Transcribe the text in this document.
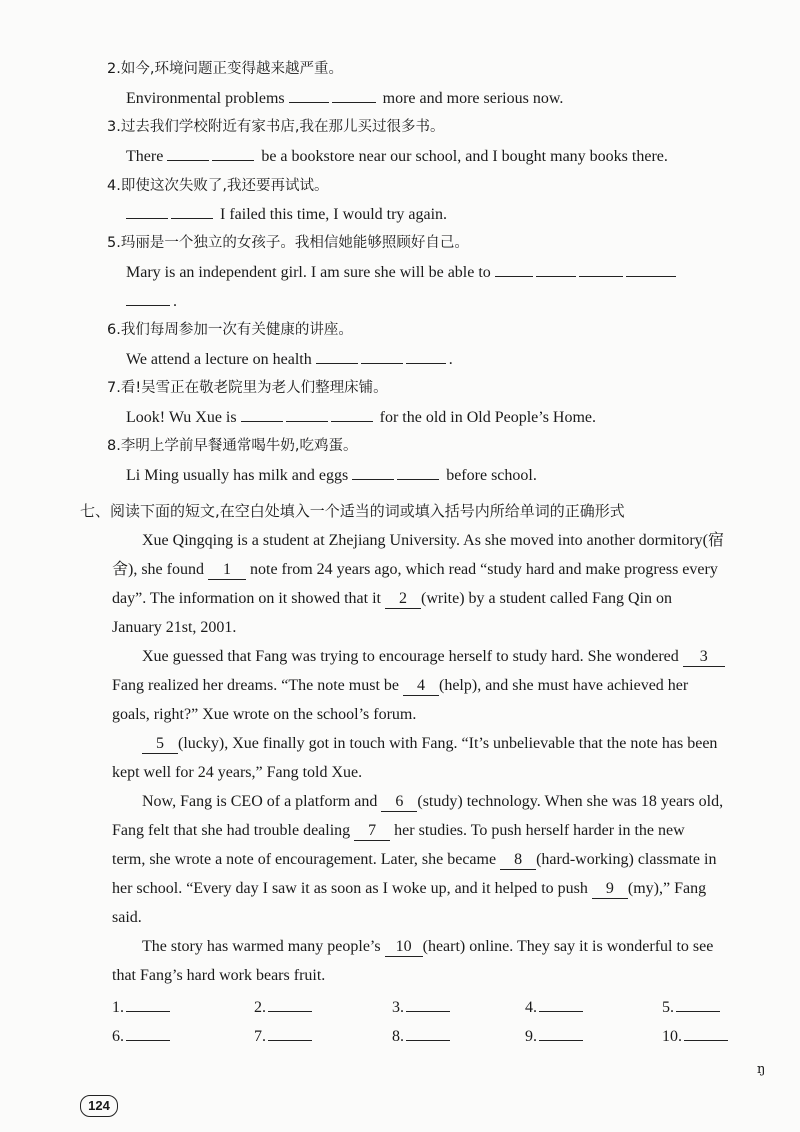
2.如今,环境问题正变得越来越严重。
Environmental problems	more and more serious now.
3.过去我们学校附近有家书店,我在那儿买过很多书。
There	be a bookstore near our school, and I bought many books there.
4.即使这次失败了,我还要再试试。
I failed this time, I would try again.
5.玛丽是一个独立的女孩子。我相信她能够照顾好自己。
Mary is an independent girl. I am sure she will be able to
.
6.我们每周参加一次有关健康的讲座。
We attend a lecture on health	.
7.看!吴雪正在敬老院里为老人们整理床铺。
Look! Wu Xue is	for the old in Old People’s Home.
8.李明上学前早餐通常喝牛奶,吃鸡蛋。
Li Ming usually has milk and eggs	before school.
七、阅读下面的短文,在空白处填入一个适当的词或填入括号内所给单词的正确形式
Xue Qingqing is a student at Zhejiang University. As she moved into another dormitory(宿
舍), she found 1 note from 24 years ago, which read “study hard and make progress every
day”. The information on it showed that it 2 (write) by a student called Fang Qin on
January 21st, 2001.
Xue guessed that Fang was trying to encourage herself to study hard. She wondered 3
Fang realized her dreams. “The note must be 4 (help), and she must have achieved her
goals, right?” Xue wrote on the school’s forum.
5 (lucky), Xue finally got in touch with Fang. “It’s unbelievable that the note has been
kept well for 24 years,” Fang told Xue.
Now, Fang is CEO of a platform and 6 (study) technology. When she was 18 years old,
Fang felt that she had trouble dealing 7 her studies. To push herself harder in the new
term, she wrote a note of encouragement. Later, she became 8 (hard-working) classmate in
her school. “Every day I saw it as soon as I woke up, and it helped to push 9 (my),” Fang
said.
The story has warmed many people’s 10 (heart) online. They say it is wonderful to see
that Fang’s hard work bears fruit.
1.	2.	3.	4.	5.
6.	7.	8.	9.	10.
ŋ
124
